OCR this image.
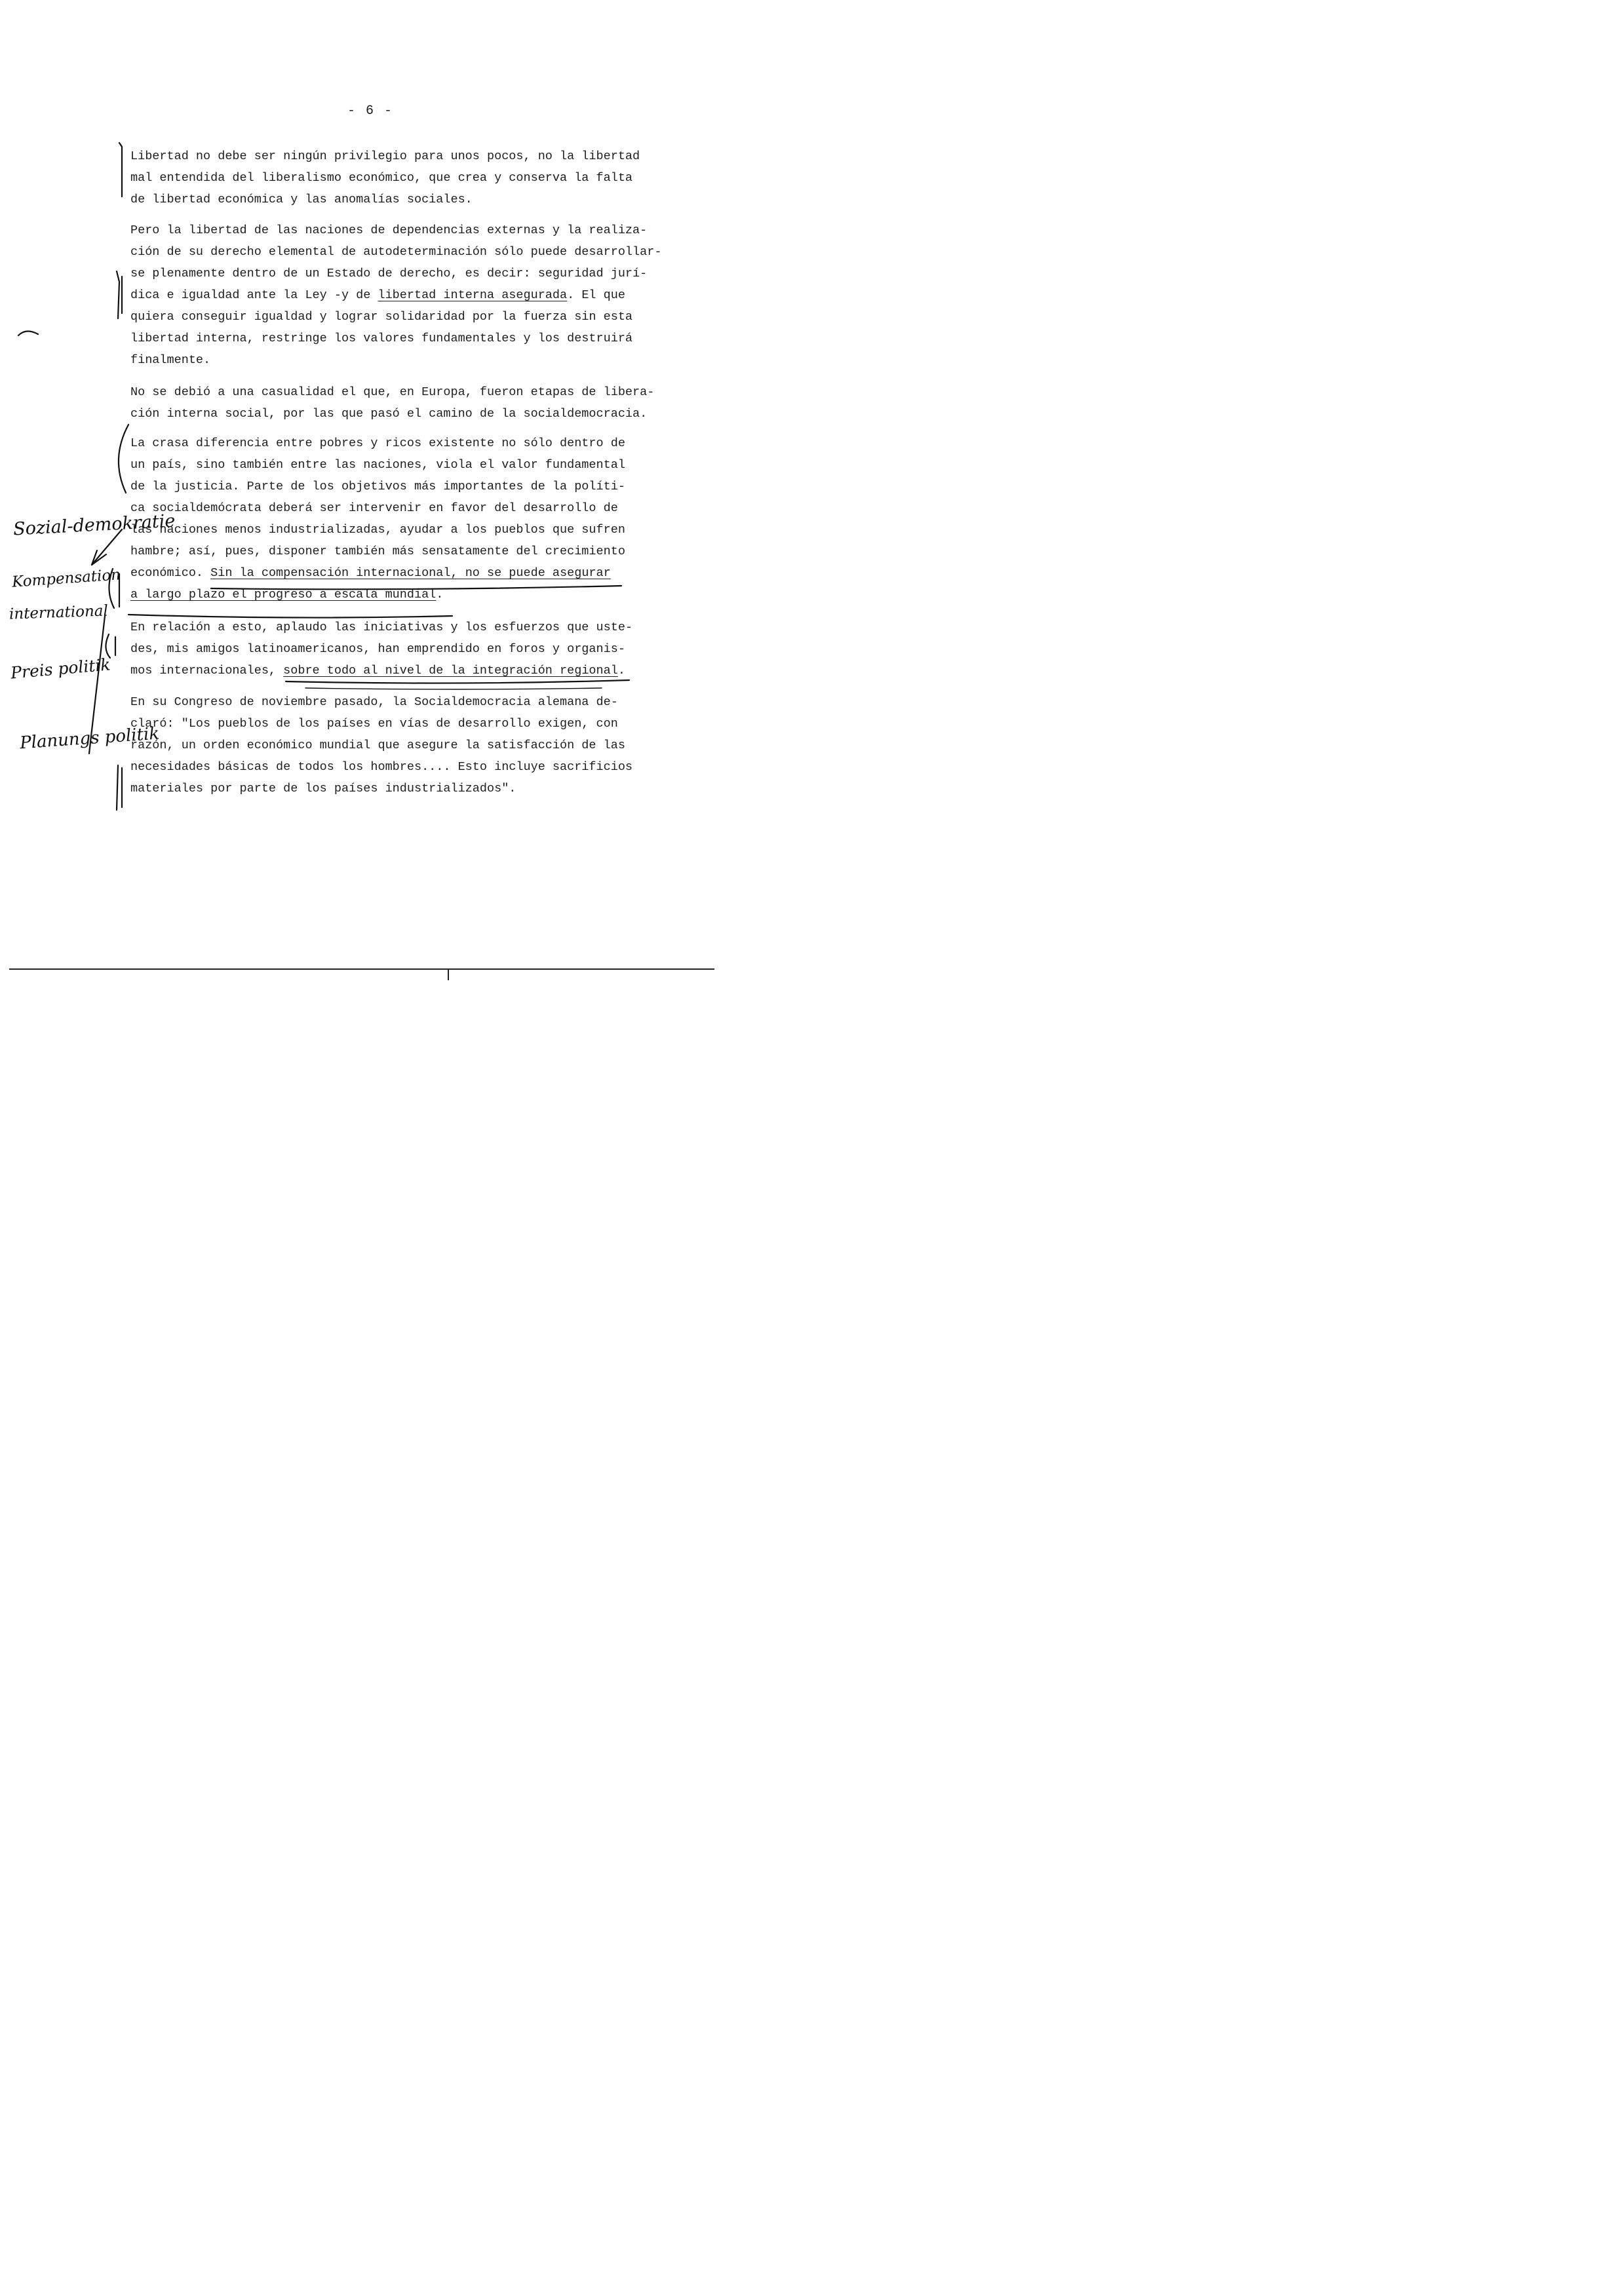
- 6 -
Libertad no debe ser ningún privilegio para unos pocos, no la libertad
mal entendida del liberalismo económico, que crea y conserva la falta
de libertad económica y las anomalías sociales.
Pero la libertad de las naciones de dependencias externas y la realiza-
ción de su derecho elemental de autodeterminación sólo puede desarrollar-
se plenamente dentro de un Estado de derecho, es decir: seguridad jurí-
dica e igualdad ante la Ley -y de libertad interna asegurada. El que
quiera conseguir igualdad y lograr solidaridad por la fuerza sin esta
libertad interna, restringe los valores fundamentales y los destruirá
finalmente.
No se debió a una casualidad el que, en Europa, fueron etapas de libera-
ción interna social, por las que pasó el camino de la socialdemocracia.
La crasa diferencia entre pobres y ricos existente no sólo dentro de
un país, sino también entre las naciones, viola el valor fundamental
de la justicia. Parte de los objetivos más importantes de la políti-
ca socialdemócrata deberá ser intervenir en favor del desarrollo de
las naciones menos industrializadas, ayudar a los pueblos que sufren
hambre; así, pues, disponer también más sensatamente del crecimiento
económico. Sin la compensación internacional, no se puede asegurar
a largo plazo el progreso a escala mundial.
En relación a esto, aplaudo las iniciativas y los esfuerzos que uste-
des, mis amigos latinoamericanos, han emprendido en foros y organis-
mos internacionales, sobre todo al nivel de la integración regional.
En su Congreso de noviembre pasado, la Socialdemocracia alemana de-
claró: "Los pueblos de los países en vías de desarrollo exigen, con
razón, un orden económico mundial que asegure la satisfacción de las
necesidades básicas de todos los hombres.... Esto incluye sacrificios
materiales por parte de los países industrializados".
Sozial-demokratie
Kompensation
international
Preis politik
Planungs politik
